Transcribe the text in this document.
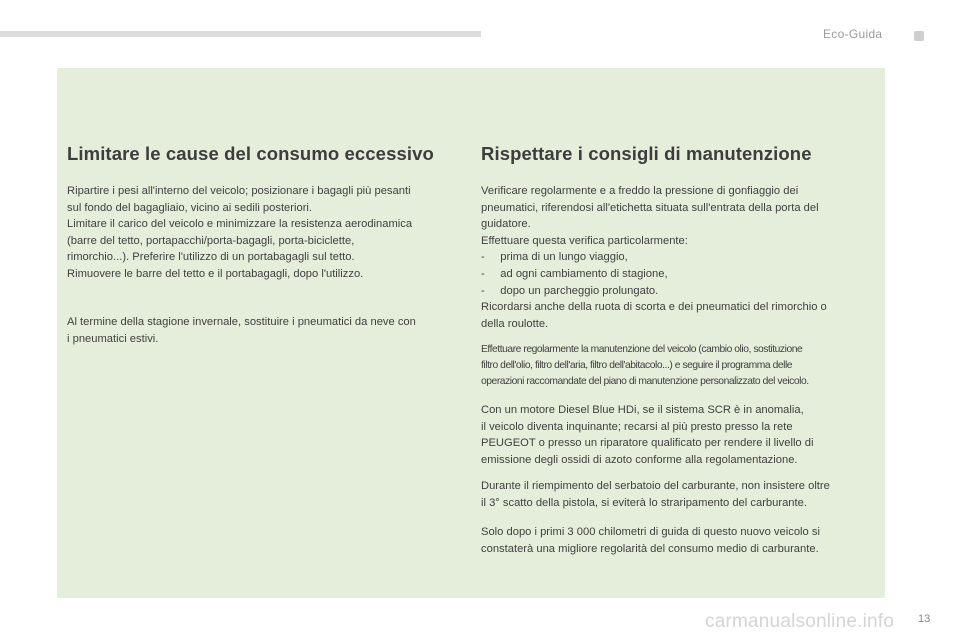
Eco-Guida
Limitare le cause del consumo eccessivo

Ripartire i pesi all'interno del veicolo; posizionare i bagagli più pesanti
sul fondo del bagagliaio, vicino ai sedili posteriori.
Limitare il carico del veicolo e minimizzare la resistenza aerodinamica
(barre del tetto, portapacchi/porta-bagagli, porta-biciclette,
rimorchio...). Preferire l'utilizzo di un portabagagli sul tetto.
Rimuovere le barre del tetto e il portabagagli, dopo l'utilizzo.

Al termine della stagione invernale, sostituire i pneumatici da neve con
i pneumatici estivi.

Rispettare i consigli di manutenzione

Verificare regolarmente e a freddo la pressione di gonfiaggio dei
pneumatici, riferendosi all'etichetta situata sull'entrata della porta del
guidatore.
Effettuare questa verifica particolarmente:
-     prima di un lungo viaggio,
-     ad ogni cambiamento di stagione,
-     dopo un parcheggio prolungato.
Ricordarsi anche della ruota di scorta e dei pneumatici del rimorchio o
della roulotte.

Effettuare regolarmente la manutenzione del veicolo (cambio olio, sostituzione
filtro dell'olio, filtro dell'aria, filtro dell'abitacolo...) e seguire il programma delle
operazioni raccomandate del piano di manutenzione personalizzato del veicolo.

Con un motore Diesel Blue HDi, se il sistema SCR è in anomalia,
il veicolo diventa inquinante; recarsi al più presto presso la rete
PEUGEOT o presso un riparatore qualificato per rendere il livello di
emissione degli ossidi di azoto conforme alla regolamentazione.

Durante il riempimento del serbatoio del carburante, non insistere oltre
il 3° scatto della pistola, si eviterà lo straripamento del carburante.

Solo dopo i primi 3 000 chilometri di guida di questo nuovo veicolo si
constaterà una migliore regolarità del consumo medio di carburante.

carmanualsonline.info 13
